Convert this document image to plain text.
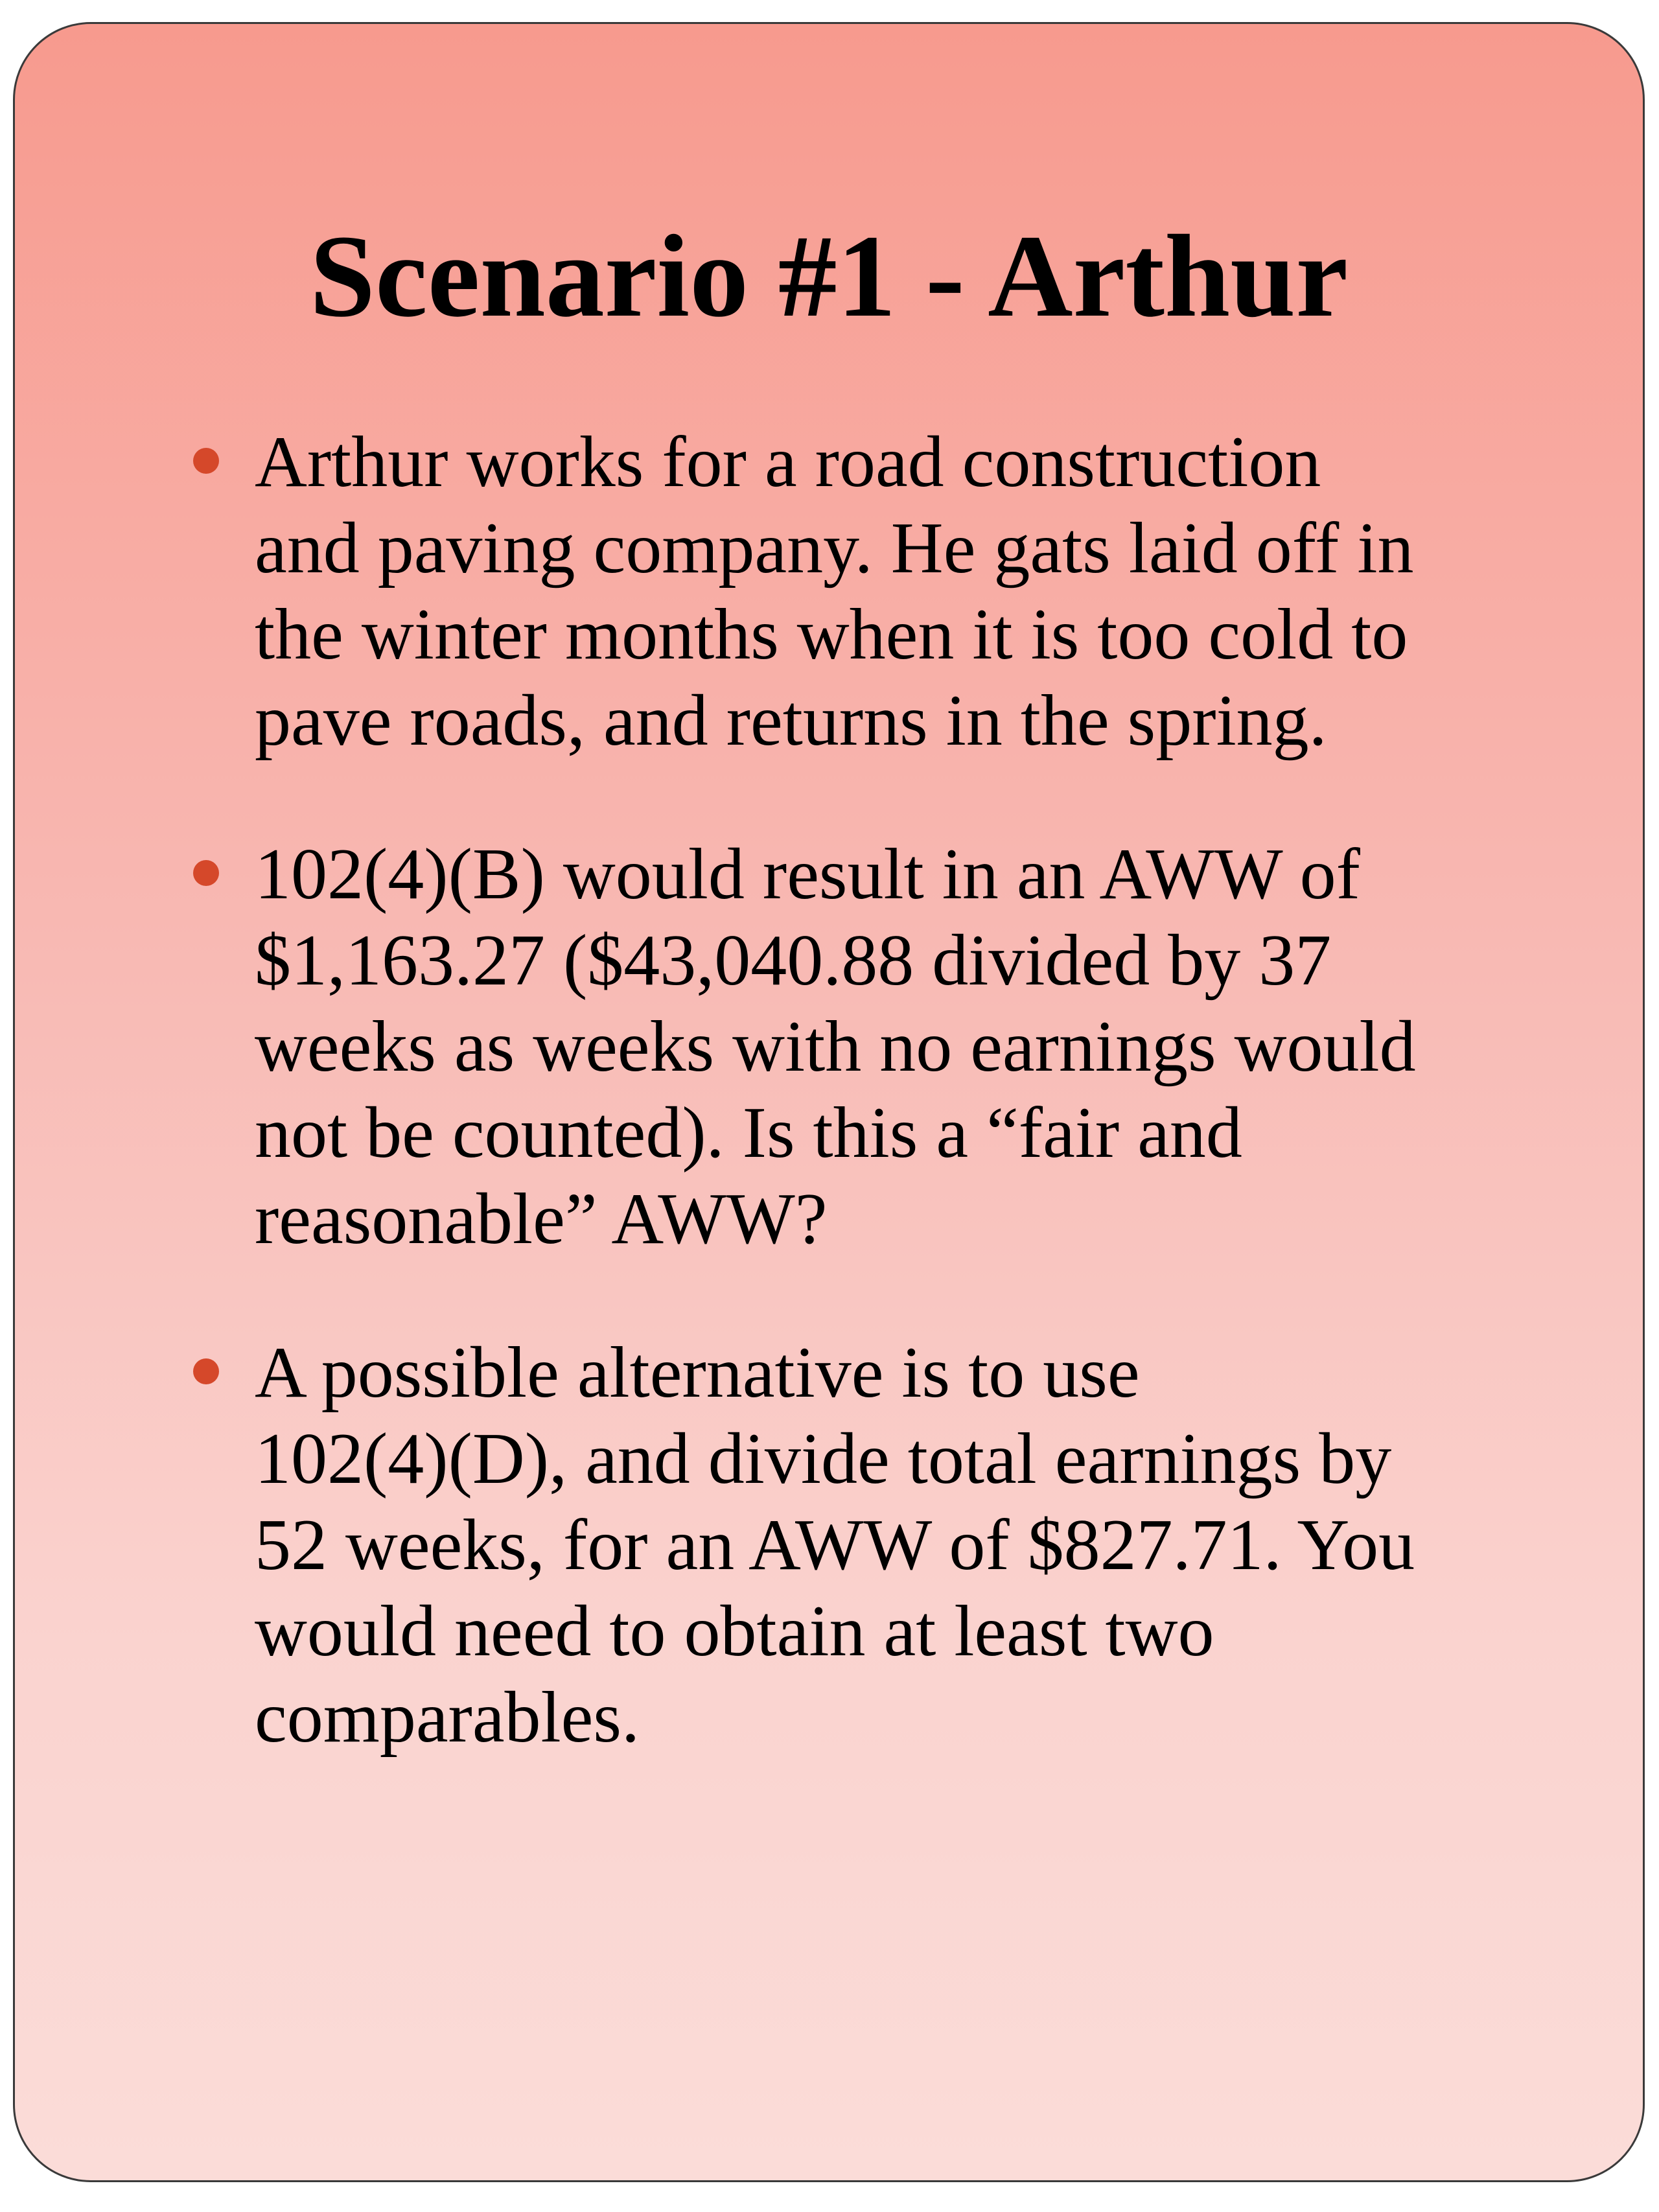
Scenario #1 - Arthur
Arthur works for a road construction
and paving company. He gats laid off in
the winter months when it is too cold to
pave roads, and returns in the spring.
102(4)(B) would result in an AWW of
$1,163.27 ($43,040.88 divided by 37
weeks as weeks with no earnings would
not be counted). Is this a “fair and
reasonable” AWW?
A possible alternative is to use
102(4)(D), and divide total earnings by
52 weeks, for an AWW of $827.71. You
would need to obtain at least two
comparables.
